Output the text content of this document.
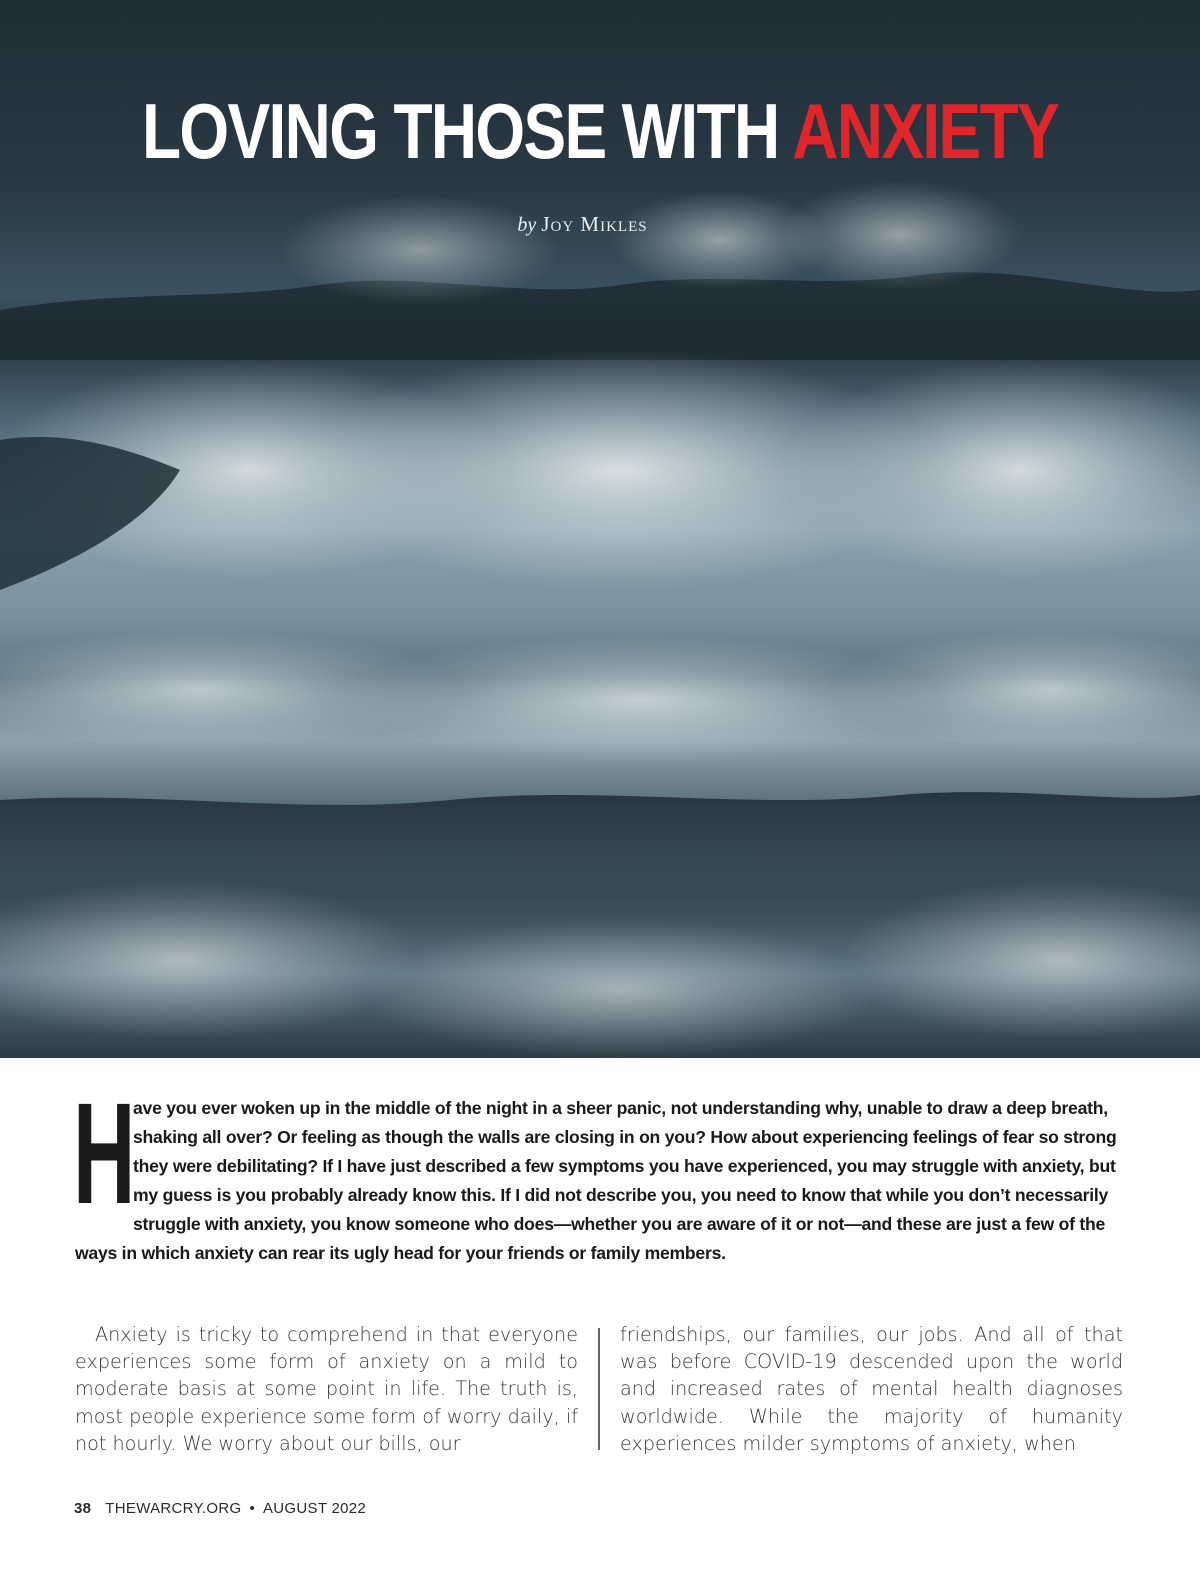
LOVING THOSE WITH ANXIETY
by Joy Mikles

H
ave you ever woken up in the middle of the night in a sheer panic, not understanding why, unable to draw a deep breath, shaking all over? Or feeling as though the walls are closing in on you? How about experiencing feelings of fear so strong they were debilitating? If I have just described a few symptoms you have experienced, you may struggle with anxiety, but my guess is you probably already know this. If I did not describe you, you need to know that while you don’t necessarily struggle with anxiety, you know someone who does—whether you are aware of it or not—and these are just a few of the ways in which anxiety can rear its ugly head for your friends or family members.

Anxiety is tricky to comprehend in that everyone experiences some form of anxiety on a mild to moderate basis at some point in life. The truth is, most people experience some form of worry daily, if not hourly. We worry about our bills, our

friendships, our families, our jobs. And all of that was before COVID-19 descended upon the world and increased rates of mental health diagnoses worldwide. While the majority of humanity experiences milder symptoms of anxiety, when

38 THEWARCRY.ORG • AUGUST 2022
